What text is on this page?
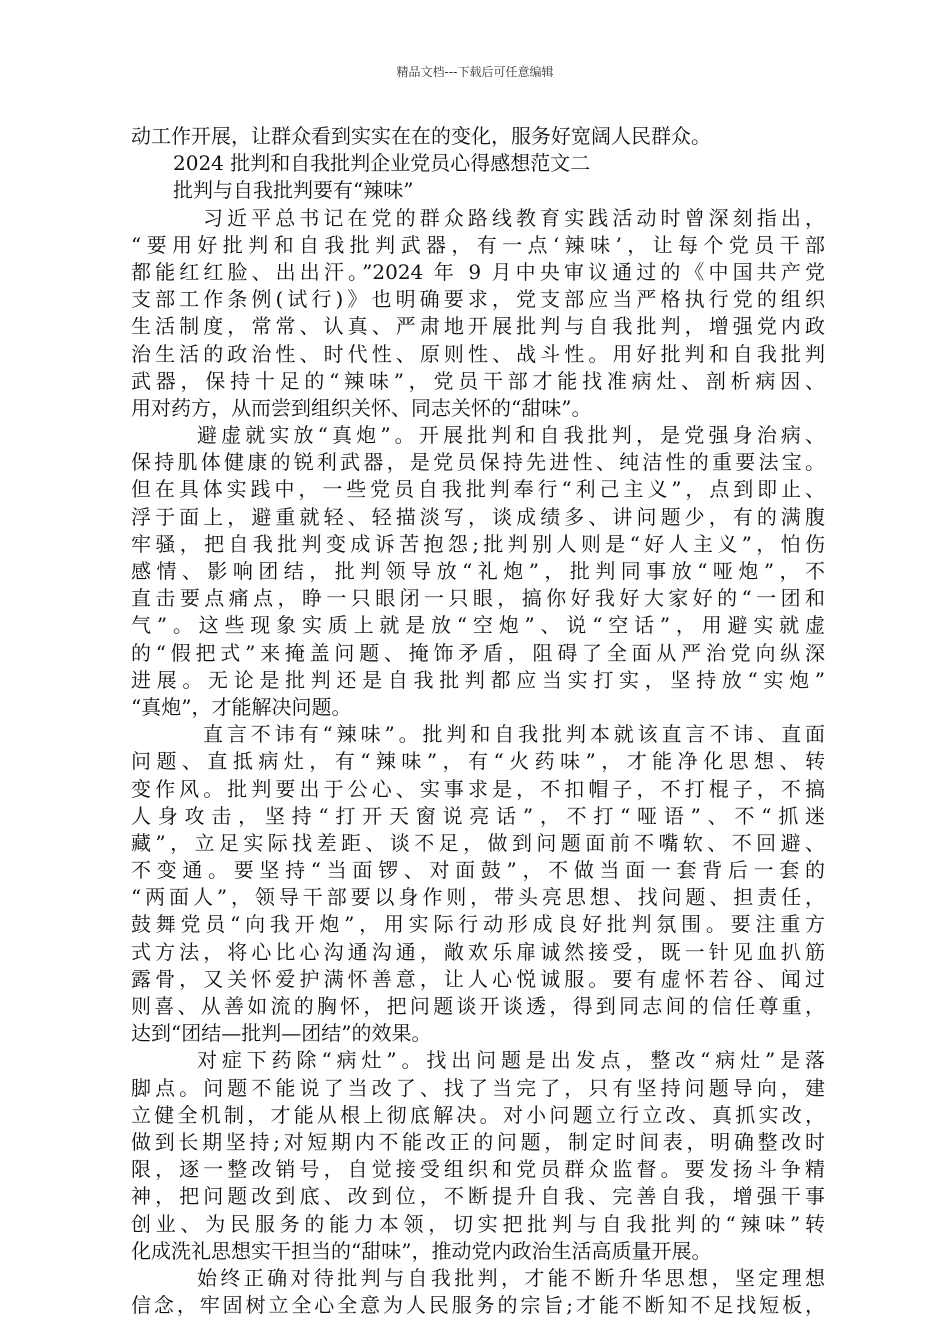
精品文档---下载后可任意编辑
动工作开展，让群众看到实实在在的变化，服务好宽阔人民群众。
2024 批判和自我批判企业党员心得感想范文二
批判与自我批判要有“辣味”
习近平总书记在党的群众路线教育实践活动时曾深刻指出，
“要用好批判和自我批判武器，有一点‘辣味’，让每个党员干部
都能红红脸、出出汗。”2024 年 9 月中央审议通过的《中国共产党
支部工作条例(试行)》也明确要求，党支部应当严格执行党的组织
生活制度，常常、认真、严肃地开展批判与自我批判，增强党内政
治生活的政治性、时代性、原则性、战斗性。用好批判和自我批判
武器，保持十足的“辣味”，党员干部才能找准病灶、剖析病因、
用对药方，从而尝到组织关怀、同志关怀的“甜味”。
避虚就实放“真炮”。开展批判和自我批判，是党强身治病、
保持肌体健康的锐利武器，是党员保持先进性、纯洁性的重要法宝。
但在具体实践中，一些党员自我批判奉行“利己主义”，点到即止、
浮于面上，避重就轻、轻描淡写，谈成绩多、讲问题少，有的满腹
牢骚，把自我批判变成诉苦抱怨;批判别人则是“好人主义”，怕伤
感情、影响团结，批判领导放“礼炮”，批判同事放“哑炮”，不
直击要点痛点，睁一只眼闭一只眼，搞你好我好大家好的“一团和
气”。这些现象实质上就是放“空炮”、说“空话”，用避实就虚
的“假把式”来掩盖问题、掩饰矛盾，阻碍了全面从严治党向纵深
进展。无论是批判还是自我批判都应当实打实，坚持放“实炮”
“真炮”，才能解决问题。
直言不讳有“辣味”。批判和自我批判本就该直言不讳、直面
问题、直抵病灶，有“辣味”，有“火药味”，才能净化思想、转
变作风。批判要出于公心、实事求是，不扣帽子，不打棍子，不搞
人身攻击，坚持“打开天窗说亮话”，不打“哑语”、不“抓迷
藏”，立足实际找差距、谈不足，做到问题面前不嘴软、不回避、
不变通。要坚持“当面锣、对面鼓”，不做当面一套背后一套的
“两面人”，领导干部要以身作则，带头亮思想、找问题、担责任，
鼓舞党员“向我开炮”，用实际行动形成良好批判氛围。要注重方
式方法，将心比心沟通沟通，敞欢乐扉诚然接受，既一针见血扒筋
露骨，又关怀爱护满怀善意，让人心悦诚服。要有虚怀若谷、闻过
则喜、从善如流的胸怀，把问题谈开谈透，得到同志间的信任尊重，
达到“团结—批判—团结”的效果。
对症下药除“病灶”。找出问题是出发点，整改“病灶”是落
脚点。问题不能说了当改了、找了当完了，只有坚持问题导向，建
立健全机制，才能从根上彻底解决。对小问题立行立改、真抓实改，
做到长期坚持;对短期内不能改正的问题，制定时间表，明确整改时
限，逐一整改销号，自觉接受组织和党员群众监督。要发扬斗争精
神，把问题改到底、改到位，不断提升自我、完善自我，增强干事
创业、为民服务的能力本领，切实把批判与自我批判的“辣味”转
化成洗礼思想实干担当的“甜味”，推动党内政治生活高质量开展。
始终正确对待批判与自我批判，才能不断升华思想，坚定理想
信念，牢固树立全心全意为人民服务的宗旨;才能不断知不足找短板，
